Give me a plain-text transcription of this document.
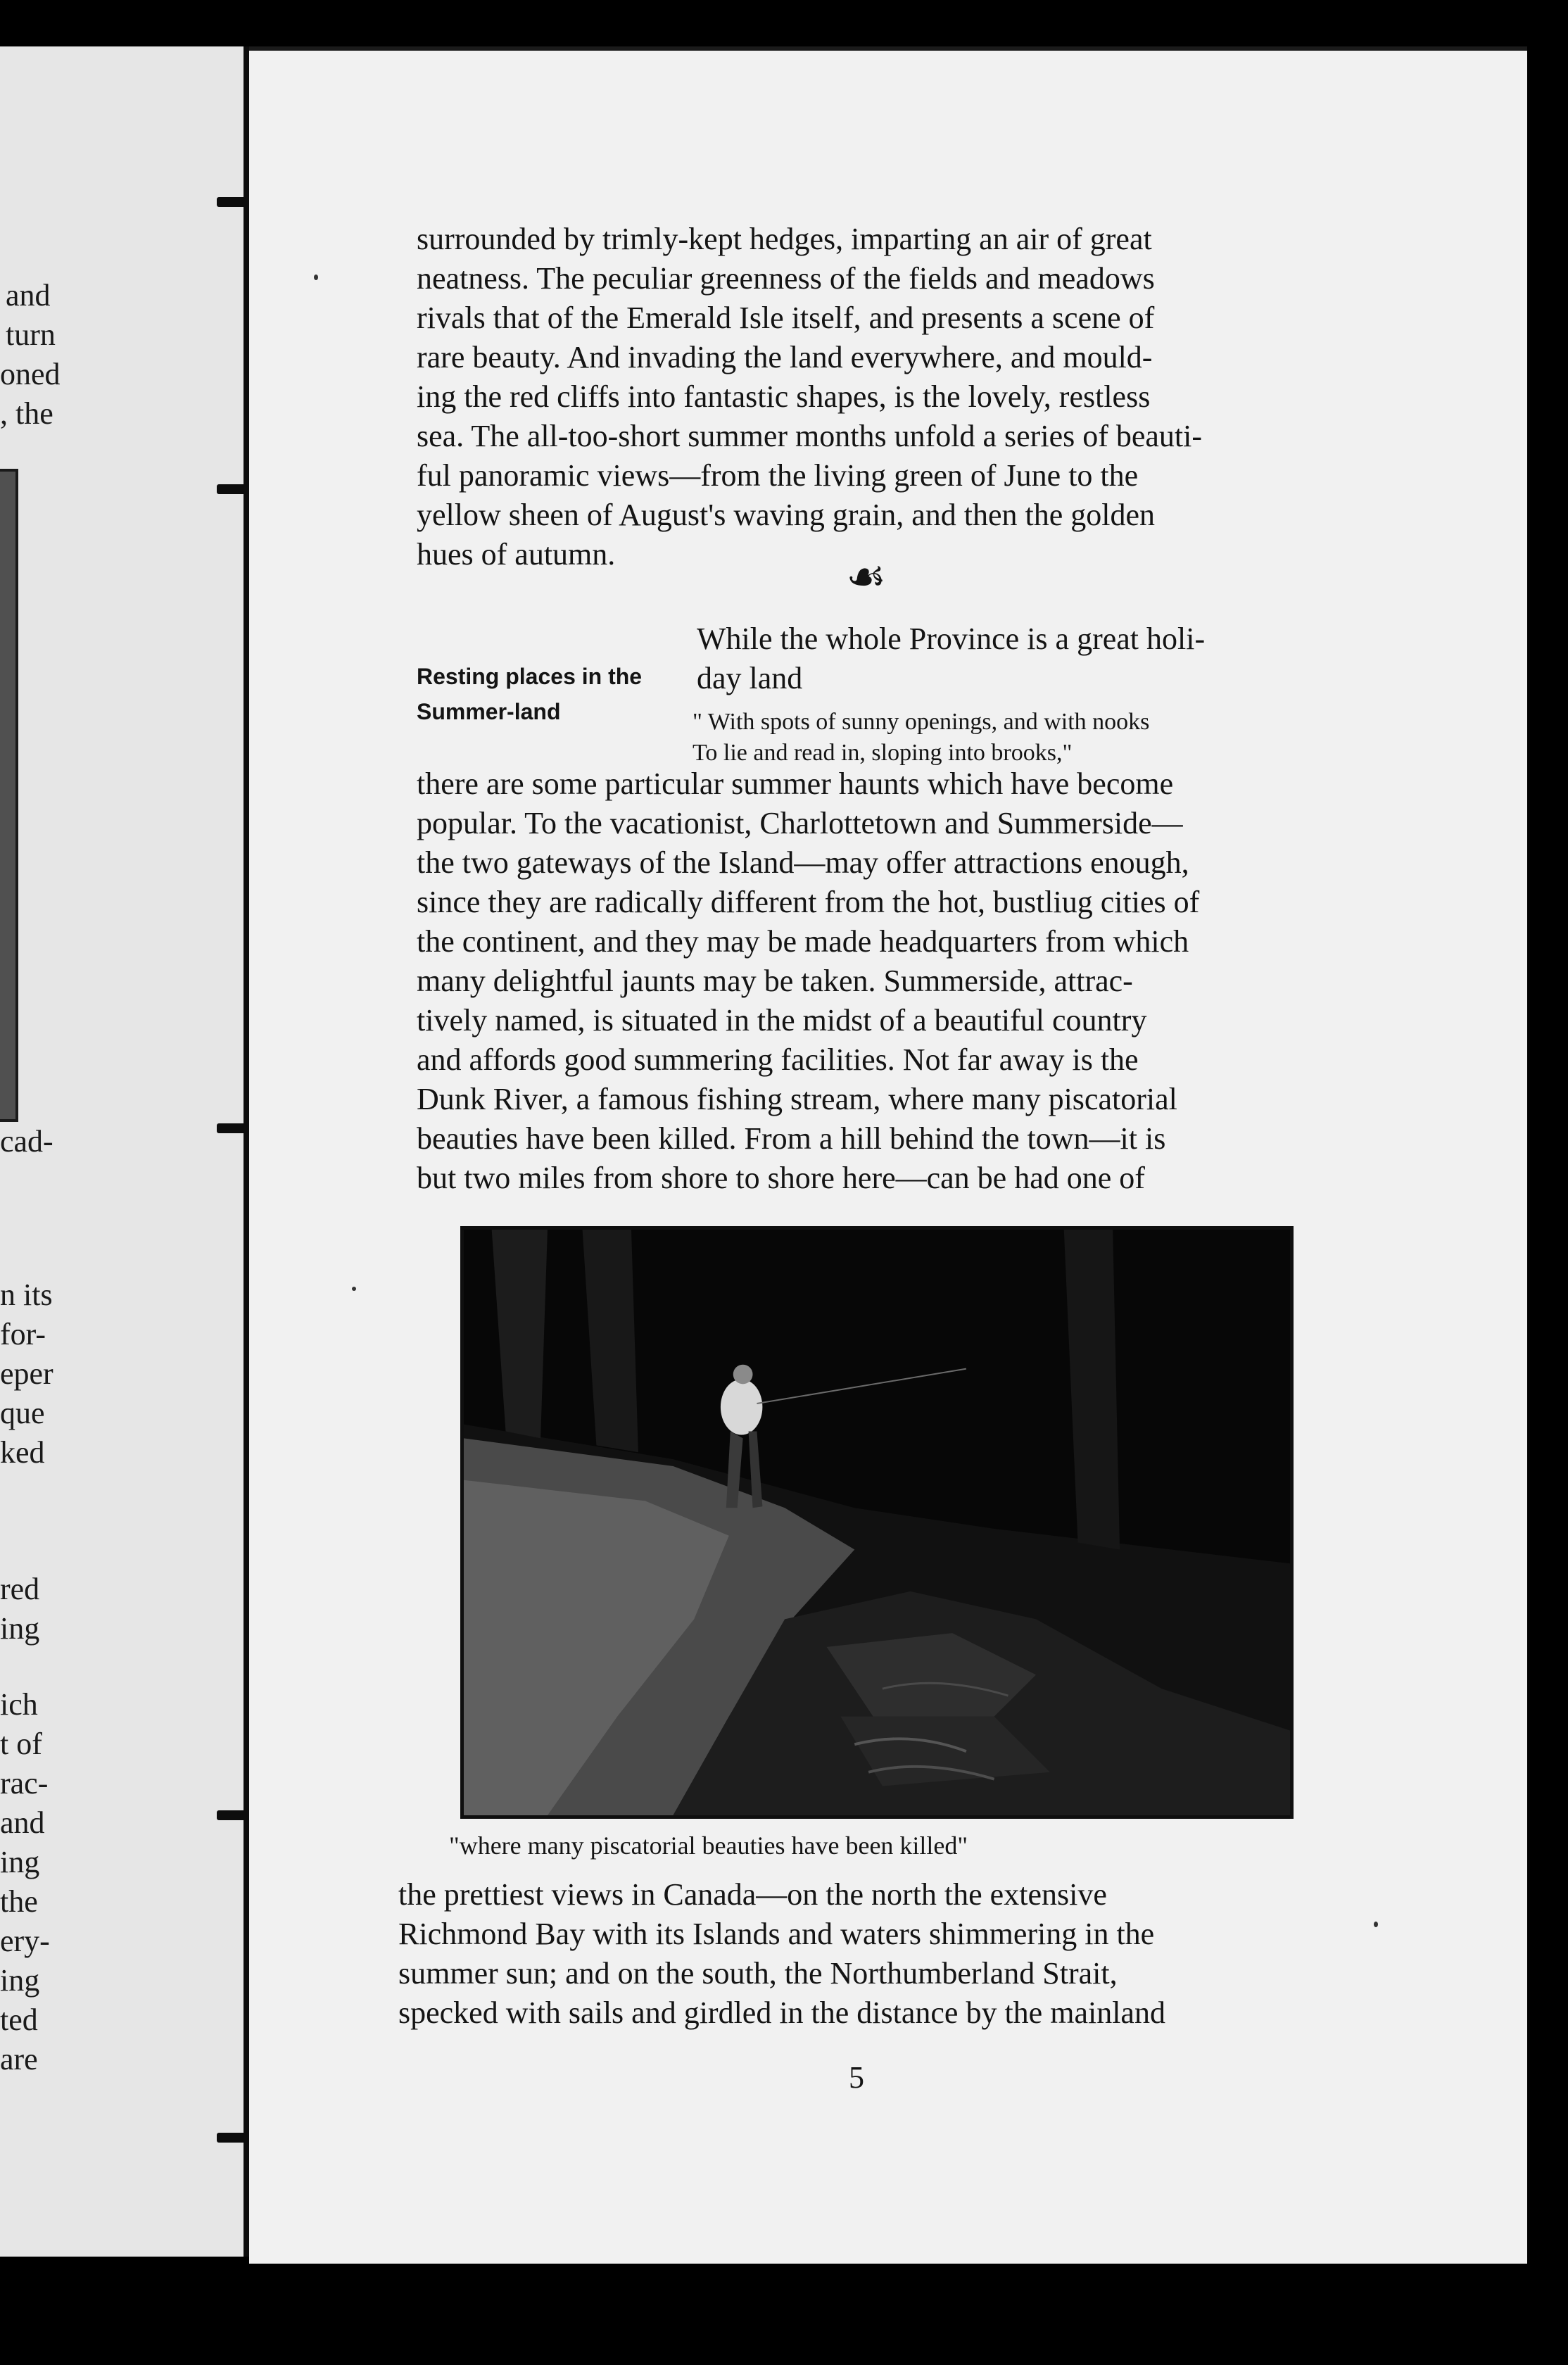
and
turn
oned
, the
cad-
n its
for-
eper
que
ked
red
ing
ich
t of
rac-
and
ing
the
ery-
ing
ted
are

surrounded by trimly-kept hedges, imparting an air of great
neatness. The peculiar greenness of the fields and meadows
rivals that of the Emerald Isle itself, and presents a scene of
rare beauty. And invading the land everywhere, and mould-
ing the red cliffs into fantastic shapes, is the lovely, restless
sea. The all-too-short summer months unfold a series of beauti-
ful panoramic views—from the living green of June to the
yellow sheen of August's waving grain, and then the golden
hues of autumn.	☙
Resting places in the
Summer-land
While the whole Province is a great holi-
day land
" With spots of sunny openings, and with nooks
To lie and read in, sloping into brooks,"

there are some particular summer haunts which have become
popular. To the vacationist, Charlottetown and Summerside—
the two gateways of the Island—may offer attractions enough,
since they are radically different from the hot, bustliug cities of
the continent, and they may be made headquarters from which
many delightful jaunts may be taken. Summerside, attrac-
tively named, is situated in the midst of a beautiful country
and affords good summering facilities. Not far away is the
Dunk River, a famous fishing stream, where many piscatorial
beauties have been killed. From a hill behind the town—it is
but two miles from shore to shore here—can be had one of

"where many piscatorial beauties have been killed"

the prettiest views in Canada—on the north the extensive
Richmond Bay with its Islands and waters shimmering in the
summer sun; and on the south, the Northumberland Strait,
specked with sails and girdled in the distance by the mainland

5
